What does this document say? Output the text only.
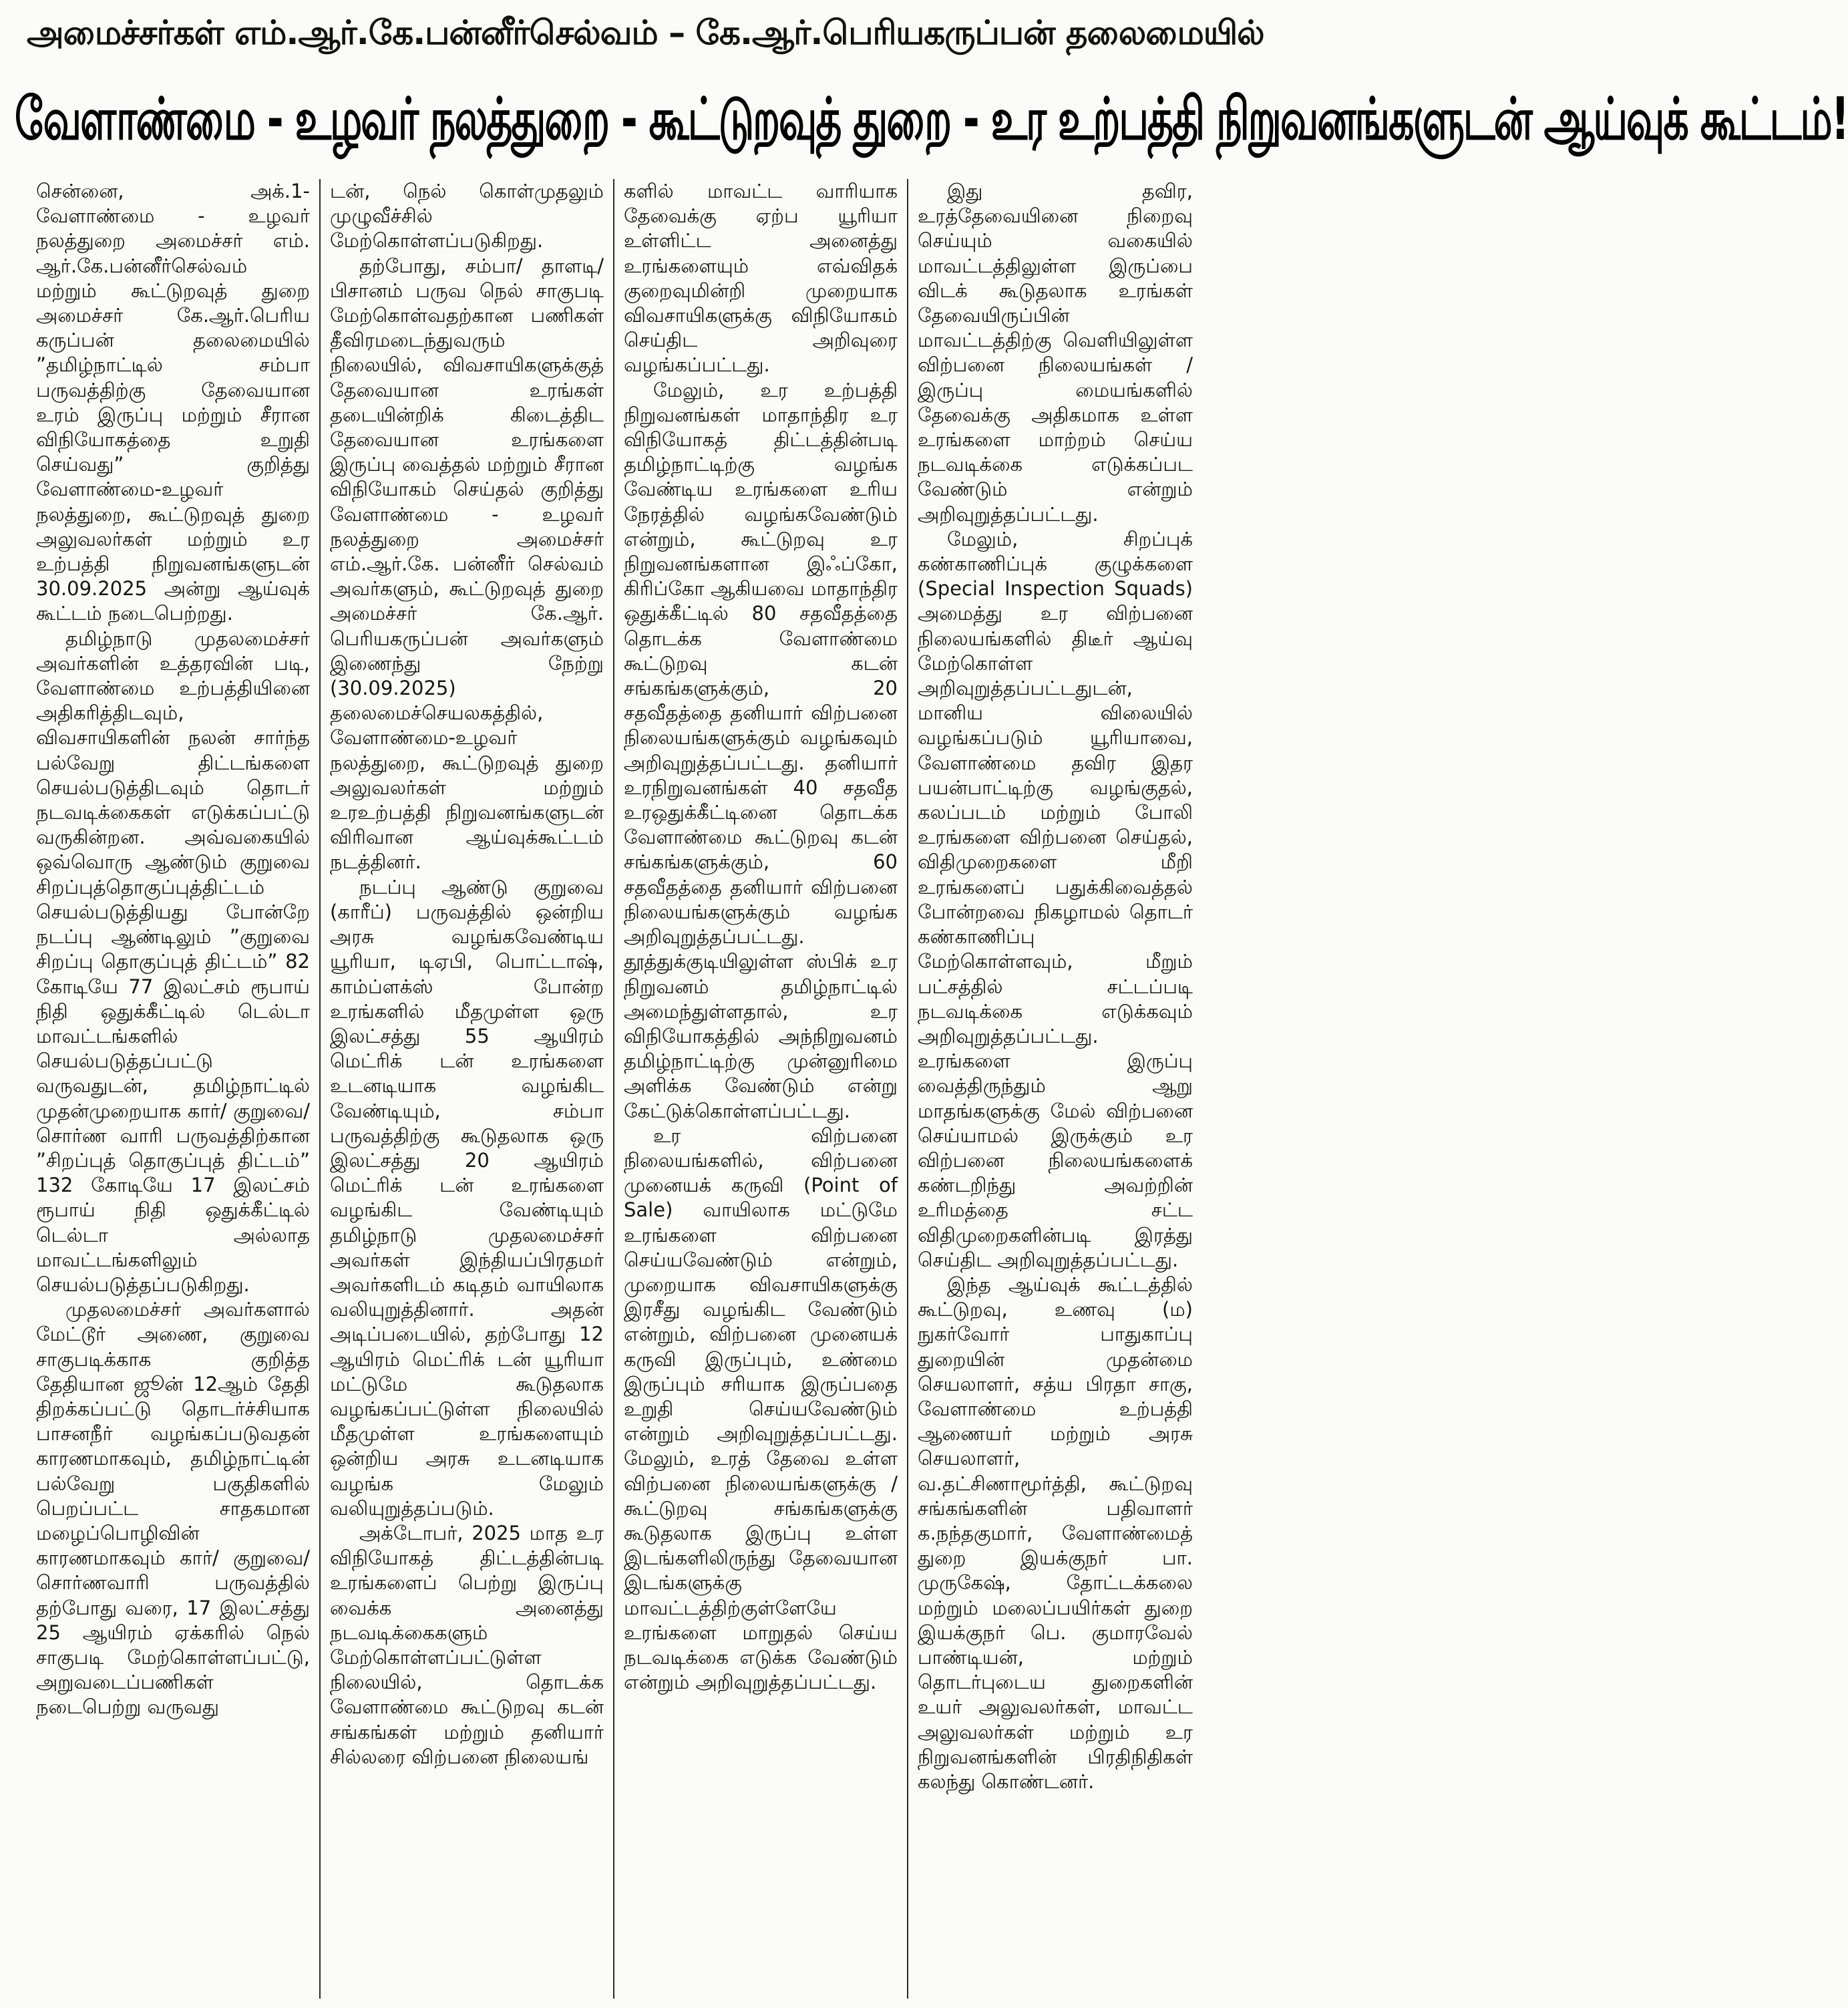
அமைச்சர்கள் எம்.ஆர்.கே.பன்னீர்செல்வம் – கே.ஆர்.பெரியகருப்பன் தலைமையில்
வேளாண்மை - உழவர் நலத்துறை - கூட்டுறவுத் துறை - உர உற்பத்தி நிறுவனங்களுடன் ஆய்வுக் கூட்டம்!

சென்னை, அக்.1- வேளாண்மை - உழவர் நலத்துறை அமைச்சர் எம். ஆர்.கே.பன்னீர்செல்வம் மற்றும் கூட்டுறவுத் துறை அமைச்சர் கே.ஆர்.பெரிய கருப்பன் தலைமையில் ”தமிழ்நாட்டில் சம்பா பருவத்திற்கு தேவையான உரம் இருப்பு மற்றும் சீரான விநியோகத்தை உறுதி செய்வது” குறித்து வேளாண்மை-உழவர் நலத்துறை, கூட்டுறவுத் துறை அலுவலர்கள் மற்றும் உர உற்பத்தி நிறுவனங்களுடன் 30.09.2025 அன்று ஆய்வுக் கூட்டம் நடைபெற்றது.

தமிழ்நாடு முதலமைச்சர் அவர்களின் உத்தரவின் படி, வேளாண்மை உற்பத்தியினை அதிகரித்திடவும், விவசாயிகளின் நலன் சார்ந்த பல்வேறு திட்டங்களை செயல்படுத்திடவும் தொடர் நடவடிக்கைகள் எடுக்கப்பட்டு வருகின்றன. அவ்வகையில் ஒவ்வொரு ஆண்டும் குறுவை சிறப்புத்தொகுப்புத்திட்டம் செயல்படுத்தியது போன்றே நடப்பு ஆண்டிலும் ”குறுவை சிறப்பு தொகுப்புத் திட்டம்” 82 கோடியே 77 இலட்சம் ரூபாய் நிதி ஒதுக்கீட்டில் டெல்டா மாவட்டங்களில் செயல்படுத்தப்பட்டு வருவதுடன், தமிழ்நாட்டில் முதன்முறையாக கார்/ குறுவை/சொர்ண வாரி பருவத்திற்கான ”சிறப்புத் தொகுப்புத் திட்டம்” 132 கோடியே 17 இலட்சம் ரூபாய் நிதி ஒதுக்கீட்டில் டெல்டா அல்லாத மாவட்டங்களிலும் செயல்படுத்தப்படுகிறது.

முதலமைச்சர் அவர்களால் மேட்டூர் அணை, குறுவை சாகுபடிக்காக குறித்த தேதியான ஜூன் 12ஆம் தேதி திறக்கப்பட்டு தொடர்ச்சியாக பாசனநீர் வழங்கப்படுவதன் காரணமாகவும், தமிழ்நாட்டின் பல்வேறு பகுதிகளில் பெறப்பட்ட சாதகமான மழைப்பொழிவின் காரணமாகவும் கார்/ குறுவை/ சொர்ணவாரி பருவத்தில் தற்போது வரை, 17 இலட்சத்து 25 ஆயிரம் ஏக்கரில் நெல் சாகுபடி மேற்கொள்ளப்பட்டு, அறுவடைப்பணிகள் நடைபெற்று வருவது

டன், நெல் கொள்முதலும் முழுவீச்சில் மேற்கொள்ளப்படுகிறது.

தற்போது, சம்பா/ தாளடி/பிசானம் பருவ நெல் சாகுபடி மேற்கொள்வதற்கான பணிகள் தீவிரமடைந்துவரும் நிலையில், விவசாயிகளுக்குத் தேவையான உரங்கள் தடையின்றிக் கிடைத்திட தேவையான உரங்களை இருப்பு வைத்தல் மற்றும் சீரான விநியோகம் செய்தல் குறித்து வேளாண்மை - உழவர் நலத்துறை அமைச்சர் எம்.ஆர்.கே. பன்னீர் செல்வம் அவர்களும், கூட்டுறவுத் துறை அமைச்சர் கே.ஆர். பெரியகருப்பன் அவர்களும் இணைந்து நேற்று (30.09.2025) தலைமைச்செயலகத்தில், வேளாண்மை-உழவர் நலத்துறை, கூட்டுறவுத் துறை அலுவலர்கள் மற்றும் உரஉற்பத்தி நிறுவனங்களுடன் விரிவான ஆய்வுக்கூட்டம் நடத்தினர்.

நடப்பு ஆண்டு குறுவை (காரீப்) பருவத்தில் ஒன்றிய அரசு வழங்கவேண்டிய யூரியா, டிஏபி, பொட்டாஷ், காம்ப்ளக்ஸ் போன்ற உரங்களில் மீதமுள்ள ஒரு இலட்சத்து 55 ஆயிரம் மெட்ரிக் டன் உரங்களை உடனடியாக வழங்கிட வேண்டியும், சம்பா பருவத்திற்கு கூடுதலாக ஒரு இலட்சத்து 20 ஆயிரம் மெட்ரிக் டன் உரங்களை வழங்கிட வேண்டியும் தமிழ்நாடு முதலமைச்சர் அவர்கள் இந்தியப்பிரதமர் அவர்களிடம் கடிதம் வாயிலாக வலியுறுத்தினார். அதன் அடிப்படையில், தற்போது 12 ஆயிரம் மெட்ரிக் டன் யூரியா மட்டுமே கூடுதலாக வழங்கப்பட்டுள்ள நிலையில் மீதமுள்ள உரங்களையும் ஒன்றிய அரசு உடனடியாக வழங்க மேலும் வலியுறுத்தப்படும்.

அக்டோபர், 2025 மாத உர விநியோகத் திட்டத்தின்படி உரங்களைப் பெற்று இருப்பு வைக்க அனைத்து நடவடிக்கைகளும் மேற்கொள்ளப்பட்டுள்ள நிலையில், தொடக்க வேளாண்மை கூட்டுறவு கடன் சங்கங்கள் மற்றும் தனியார் சில்லரை விற்பனை நிலையங்

களில் மாவட்ட வாரியாக தேவைக்கு ஏற்ப யூரியா உள்ளிட்ட அனைத்து உரங்களையும் எவ்விதக் குறைவுமின்றி முறையாக விவசாயிகளுக்கு விநியோகம் செய்திட அறிவுரை வழங்கப்பட்டது.

மேலும், உர உற்பத்தி நிறுவனங்கள் மாதாந்திர உர விநியோகத் திட்டத்தின்படி தமிழ்நாட்டிற்கு வழங்க வேண்டிய உரங்களை உரிய நேரத்தில் வழங்கவேண்டும் என்றும், கூட்டுறவு உர நிறுவனங்களான இஃப்கோ, கிரிப்கோ ஆகியவை மாதாந்திர ஒதுக்கீட்டில் 80 சதவீதத்தை தொடக்க வேளாண்மை கூட்டுறவு கடன் சங்கங்களுக்கும், 20 சதவீதத்தை தனியார் விற்பனை நிலையங்களுக்கும் வழங்கவும் அறிவுறுத்தப்பட்டது. தனியார் உரநிறுவனங்கள் 40 சதவீத உரஒதுக்கீட்டினை தொடக்க வேளாண்மை கூட்டுறவு கடன் சங்கங்களுக்கும், 60 சதவீதத்தை தனியார் விற்பனை நிலையங்களுக்கும் வழங்க அறிவுறுத்தப்பட்டது. தூத்துக்குடியிலுள்ள ஸ்பிக் உர நிறுவனம் தமிழ்நாட்டில் அமைந்துள்ளதால், உர விநியோகத்தில் அந்நிறுவனம் தமிழ்நாட்டிற்கு முன்னுரிமை அளிக்க வேண்டும் என்று கேட்டுக்கொள்ளப்பட்டது.

உர விற்பனை நிலையங்களில், விற்பனை முனையக் கருவி (Point of Sale) வாயிலாக மட்டுமே உரங்களை விற்பனை செய்யவேண்டும் என்றும், முறையாக விவசாயிகளுக்கு இரசீது வழங்கிட வேண்டும் என்றும், விற்பனை முனையக் கருவி இருப்பும், உண்மை இருப்பும் சரியாக இருப்பதை உறுதி செய்யவேண்டும் என்றும் அறிவுறுத்தப்பட்டது. மேலும், உரத் தேவை உள்ள விற்பனை நிலையங்களுக்கு / கூட்டுறவு சங்கங்களுக்கு கூடுதலாக இருப்பு உள்ள இடங்களிலிருந்து தேவையான இடங்களுக்கு மாவட்டத்திற்குள்ளேயே உரங்களை மாறுதல் செய்ய நடவடிக்கை எடுக்க வேண்டும் என்றும் அறிவுறுத்தப்பட்டது.

இது தவிர, உரத்தேவையினை நிறைவு செய்யும் வகையில் மாவட்டத்திலுள்ள இருப்பை விடக் கூடுதலாக உரங்கள் தேவையிருப்பின் மாவட்டத்திற்கு வெளியிலுள்ள விற்பனை நிலையங்கள் / இருப்பு மையங்களில் தேவைக்கு அதிகமாக உள்ள உரங்களை மாற்றம் செய்ய நடவடிக்கை எடுக்கப்பட வேண்டும் என்றும் அறிவுறுத்தப்பட்டது.

மேலும், சிறப்புக் கண்காணிப்புக் குழுக்களை (Special Inspection Squads) அமைத்து உர விற்பனை நிலையங்களில் திடீர் ஆய்வு மேற்கொள்ள அறிவுறுத்தப்பட்டதுடன், மானிய விலையில் வழங்கப்படும் யூரியாவை, வேளாண்மை தவிர இதர பயன்பாட்டிற்கு வழங்குதல், கலப்படம் மற்றும் போலி உரங்களை விற்பனை செய்தல், விதிமுறைகளை மீறி உரங்களைப் பதுக்கிவைத்தல் போன்றவை நிகழாமல் தொடர் கண்காணிப்பு மேற்கொள்ளவும், மீறும் பட்சத்தில் சட்டப்படி நடவடிக்கை எடுக்கவும் அறிவுறுத்தப்பட்டது. உரங்களை இருப்பு வைத்திருந்தும் ஆறு மாதங்களுக்கு மேல் விற்பனை செய்யாமல் இருக்கும் உர விற்பனை நிலையங்களைக் கண்டறிந்து அவற்றின் உரிமத்தை சட்ட விதிமுறைகளின்படி இரத்து செய்திட அறிவுறுத்தப்பட்டது.

இந்த ஆய்வுக் கூட்டத்தில் கூட்டுறவு, உணவு (ம) நுகர்வோர் பாதுகாப்பு துறையின் முதன்மை செயலாளர், சத்ய பிரதா சாகு, வேளாண்மை உற்பத்தி ஆணையர் மற்றும் அரசு செயலாளர், வ.தட்சிணாமூர்த்தி, கூட்டுறவு சங்கங்களின் பதிவாளர் க.நந்தகுமார், வேளாண்மைத் துறை இயக்குநர் பா. முருகேஷ், தோட்டக்கலை மற்றும் மலைப்பயிர்கள் துறை இயக்குநர் பெ. குமாரவேல் பாண்டியன், மற்றும் தொடர்புடைய துறைகளின் உயர் அலுவலர்கள், மாவட்ட அலுவலர்கள் மற்றும் உர நிறுவனங்களின் பிரதிநிதிகள் கலந்து கொண்டனர்.
